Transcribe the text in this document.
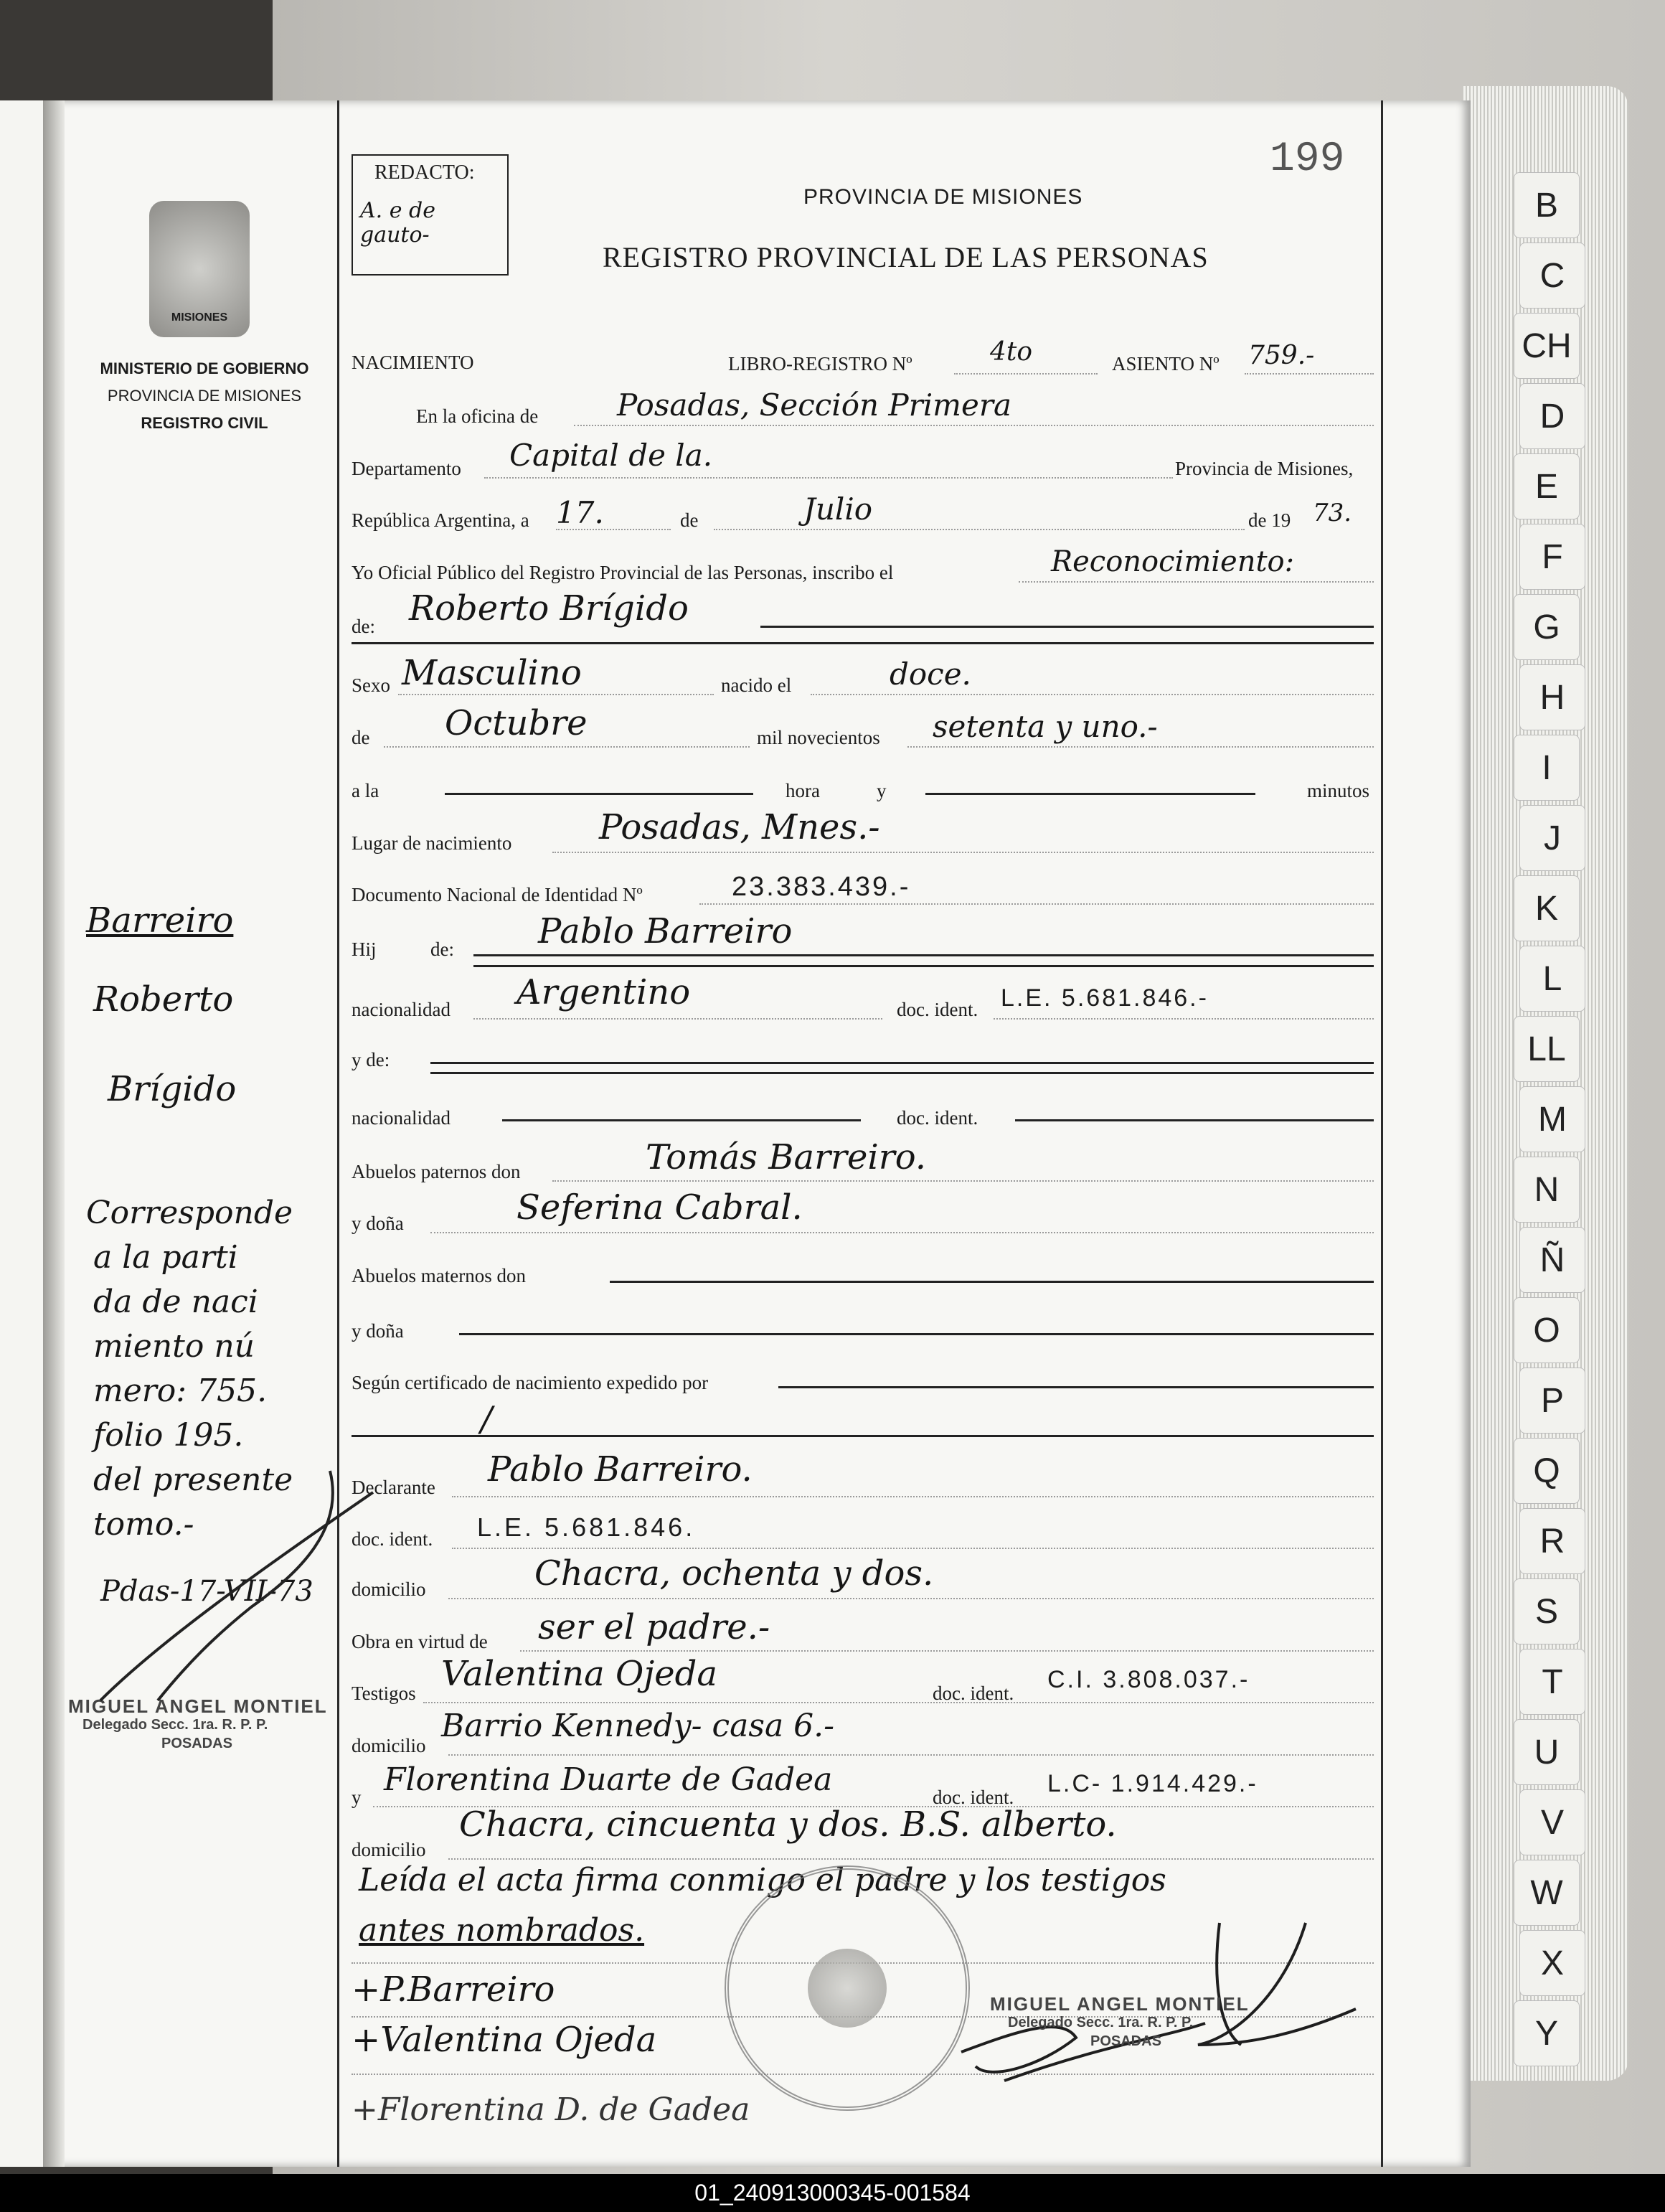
B
C
CH
D
E
F
G
H
I
J
K
L
LL
M
N
Ñ
O
P
Q
R
S
T
U
V
W
X
Y
REDACTO:
A. e de gauto-
199
PROVINCIA DE MISIONES
REGISTRO PROVINCIAL DE LAS PERSONAS
MISIONES
MINISTERIO DE GOBIERNO
PROVINCIA DE MISIONES
REGISTRO CIVIL
Barreiro
Roberto
Brígido
Corresponde
a la parti
da de naci
miento nú
mero: 755.
folio 195.
del presente
tomo.-
Pdas-17-VII-73
MIGUEL ANGEL MONTIEL
Delegado Secc. 1ra. R. P. P.
POSADAS
NACIMIENTO	LIBRO-REGISTRO Nº	4to	ASIENTO Nº 759.-
En la oficina de	Posadas, Sección Primera
Departamento Capital de la.	Provincia de Misiones,
República Argentina, a 17.	de	Julio	de 19 73.
Yo Oficial Público del Registro Provincial de las Personas, inscribo el	Reconocimiento:
de: Roberto Brígido
Sexo Masculino	nacido el	doce.
de Octubre	mil novecientos setenta y uno.-
a la	hora	y	minutos
Lugar de nacimiento	Posadas, Mnes.-
Documento Nacional de Identidad Nº	23.383.439.-
Hij	de: Pablo Barreiro
nacionalidad Argentino	doc. ident. L.E. 5.681.846.-
y de:
nacionalidad	doc. ident.
Abuelos paternos don	Tomás Barreiro.
y doña	Seferina Cabral.
Abuelos maternos don
y doña
Según certificado de nacimiento expedido por
/
Declarante Pablo Barreiro.
doc. ident. L.E. 5.681.846.
domicilio	Chacra, ochenta y dos.
Obra en virtud de ser el padre.-
Testigos Valentina Ojeda	doc. ident. C.I. 3.808.037.-
domicilio
Barrio Kennedy- casa 6.-
y Florentina Duarte de Gadea	doc. ident. L.C- 1.914.429.-
domicilio
Chacra, cincuenta y dos. B.S. alberto.
Leída el acta firma conmigo el padre y los testigos
antes nombrados.
+P.Barreiro
+Valentina Ojeda
+Florentina D. de Gadea
MIGUEL ANGEL MONTIEL
Delegado Secc. 1ra. R. P. P.
POSADAS
01_240913000345-001584
